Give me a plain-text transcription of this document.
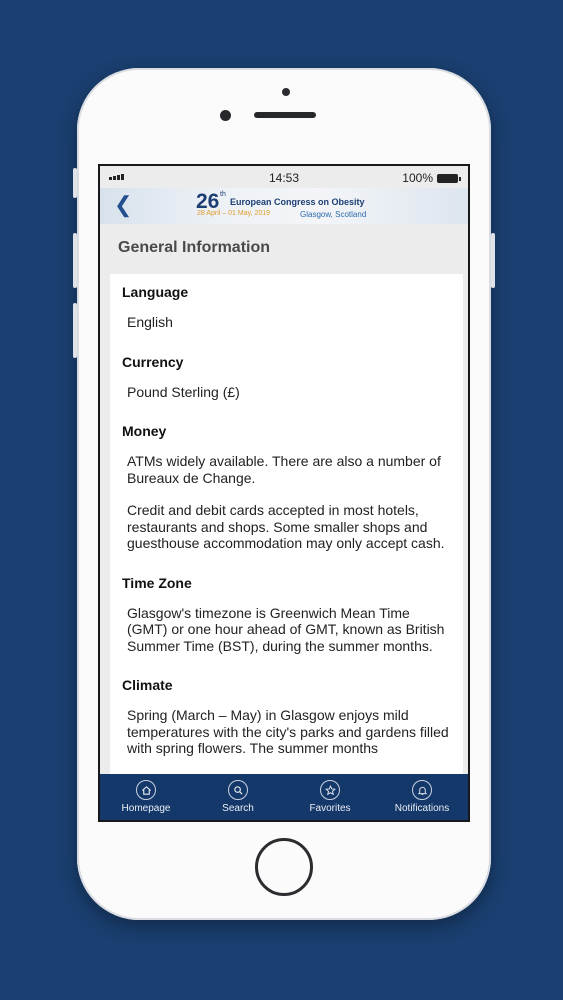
14:53	100%
❮	26 th
European Congress on Obesity
28 April – 01 May, 2019	Glasgow, Scotland
General Information
Language

English

Currency

Pound Sterling (£)

Money

ATMs widely available. There are also a number of Bureaux de Change.

Credit and debit cards accepted in most hotels, restaurants and shops. Some smaller shops and guesthouse accommodation may only accept cash.

Time Zone

Glasgow's timezone is Greenwich Mean Time (GMT) or one hour ahead of GMT, known as British Summer Time (BST), during the summer months.

Climate

Spring (March – May) in Glasgow enjoys mild temperatures with the city's parks and gardens filled with spring flowers. The summer months

Homepage	Search	Favorites	Notifications
